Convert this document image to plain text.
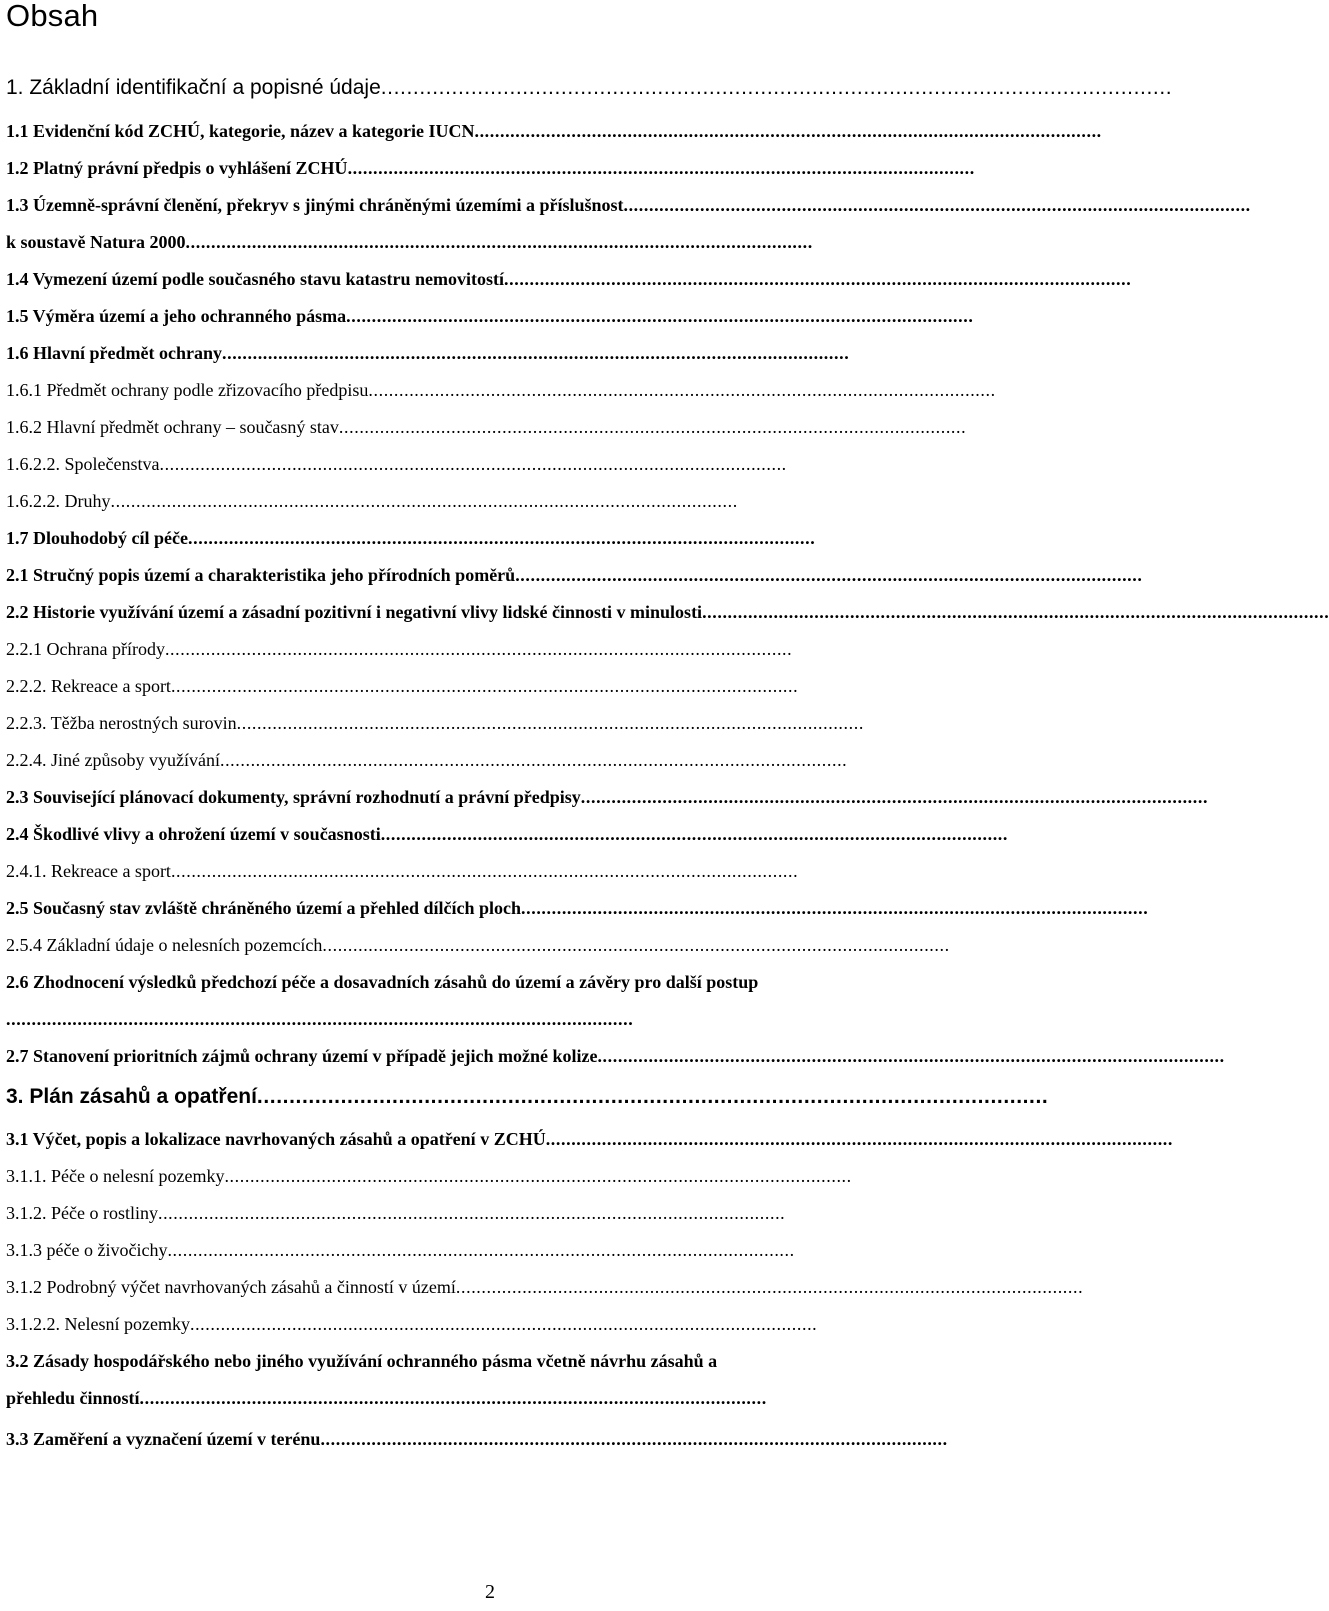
Obsah
1. Základní identifikační a popisné údaje ...........................................................................................................................
1.1 Evidenční kód ZCHÚ, kategorie, název a kategorie IUCN ...........................................................................................................................
1.2 Platný právní předpis o vyhlášení ZCHÚ ...........................................................................................................................
1.3 Územně-správní členění, překryv s jinými chráněnými územími a příslušnost ...........................................................................................................................
k soustavě Natura 2000 ...........................................................................................................................
1.4 Vymezení území podle současného stavu katastru nemovitostí ...........................................................................................................................
1.5 Výměra území a jeho ochranného pásma ...........................................................................................................................
1.6 Hlavní předmět ochrany ...........................................................................................................................
1.6.1 Předmět ochrany podle zřizovacího předpisu ...........................................................................................................................
1.6.2 Hlavní předmět ochrany – současný stav ...........................................................................................................................
1.6.2.2. Společenstva ...........................................................................................................................
1.6.2.2. Druhy ...........................................................................................................................
1.7 Dlouhodobý cíl péče ...........................................................................................................................
2.1 Stručný popis území a charakteristika jeho přírodních poměrů ...........................................................................................................................
2.2 Historie využívání území a zásadní pozitivní i negativní vlivy lidské činnosti v minulosti ...........................................................................................................................
2.2.1 Ochrana přírody ...........................................................................................................................
2.2.2. Rekreace a sport ...........................................................................................................................
2.2.3. Těžba nerostných surovin ...........................................................................................................................
2.2.4. Jiné způsoby využívání ...........................................................................................................................
2.3 Související plánovací dokumenty, správní rozhodnutí a právní předpisy ...........................................................................................................................
2.4 Škodlivé vlivy a ohrožení území v současnosti ...........................................................................................................................
2.4.1. Rekreace a sport ...........................................................................................................................
2.5 Současný stav zvláště chráněného území a přehled dílčích ploch ...........................................................................................................................
2.5.4 Základní údaje o nelesních pozemcích ...........................................................................................................................
2.6 Zhodnocení výsledků předchozí péče a dosavadních zásahů do území a závěry pro další postup
...........................................................................................................................
2.7 Stanovení prioritních zájmů ochrany území v případě jejich možné kolize ...........................................................................................................................
3. Plán zásahů a opatření ...........................................................................................................................
3.1 Výčet, popis a lokalizace navrhovaných zásahů a opatření v ZCHÚ ...........................................................................................................................
3.1.1. Péče o nelesní pozemky ...........................................................................................................................
3.1.2. Péče o rostliny ...........................................................................................................................
3.1.3 péče o živočichy ...........................................................................................................................
3.1.2 Podrobný výčet navrhovaných zásahů a činností v území ...........................................................................................................................
3.1.2.2. Nelesní pozemky ...........................................................................................................................
3.2 Zásady hospodářského nebo jiného využívání ochranného pásma včetně návrhu zásahů a
přehledu činností ...........................................................................................................................
3.3 Zaměření a vyznačení území v terénu ...........................................................................................................................
2
